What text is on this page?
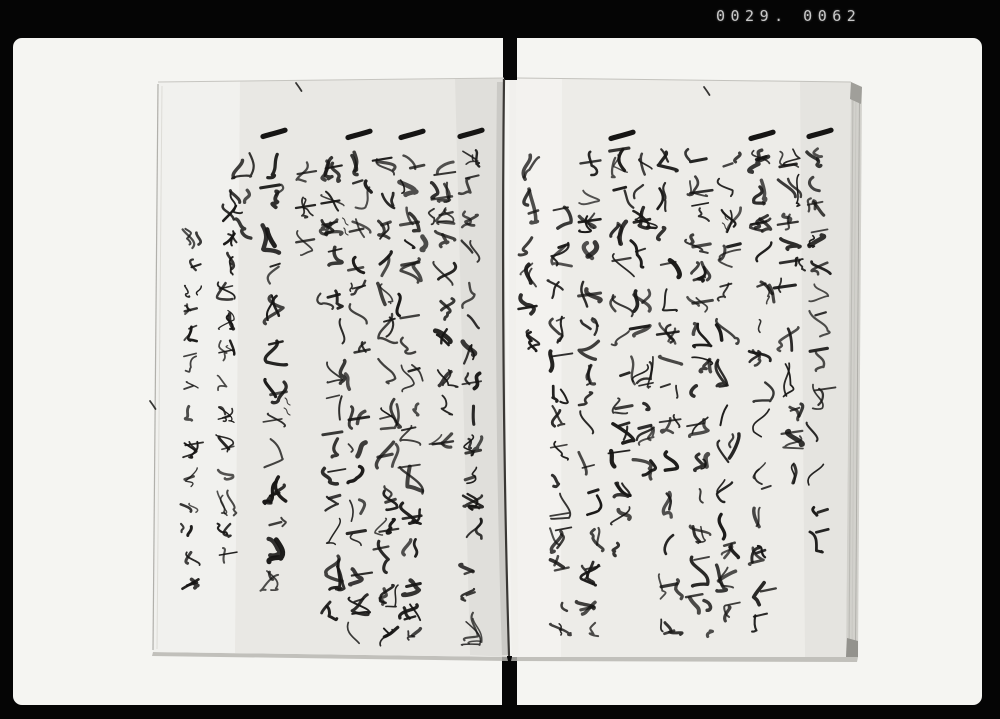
0029. 0062
